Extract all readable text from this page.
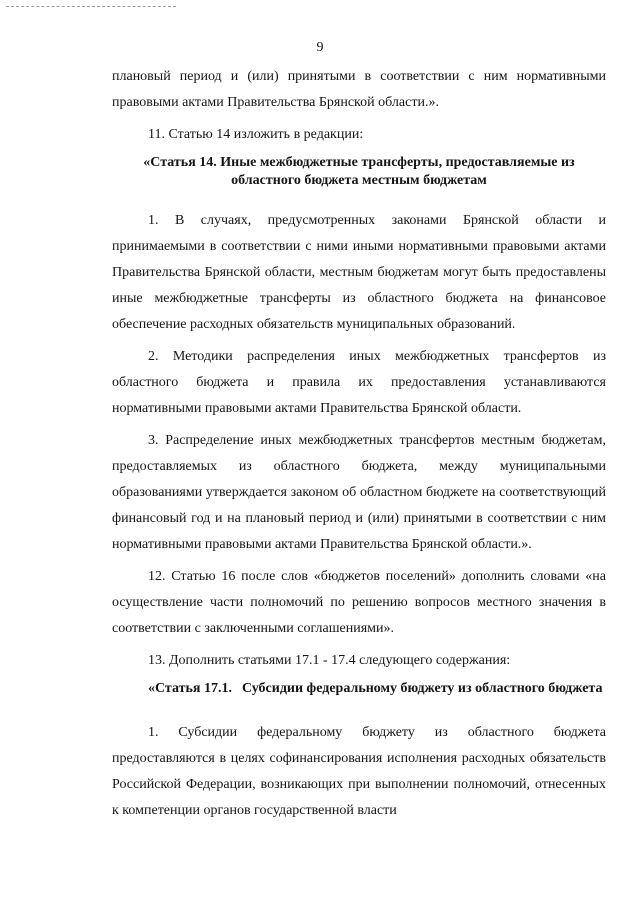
9

плановый период и (или) принятыми в соответствии с ним нормативными правовыми актами Правительства Брянской области.».

11. Статью 14 изложить в редакции:

«Статья 14. Иные межбюджетные трансферты, предоставляемые из областного бюджета местным бюджетам

1. В случаях, предусмотренных законами Брянской области и принимаемыми в соответствии с ними иными нормативными правовыми актами Правительства Брянской области, местным бюджетам могут быть предоставлены иные межбюджетные трансферты из областного бюджета на финансовое обеспечение расходных обязательств муниципальных образований.

2. Методики распределения иных межбюджетных трансфертов из областного бюджета и правила их предоставления устанавливаются нормативными правовыми актами Правительства Брянской области.

3. Распределение иных межбюджетных трансфертов местным бюджетам, предоставляемых из областного бюджета, между муниципальными образованиями утверждается законом об областном бюджете на соответствующий финансовый год и на плановый период и (или) принятыми в соответствии с ним нормативными правовыми актами Правительства Брянской области.».

12. Статью 16 после слов «бюджетов поселений» дополнить словами «на осуществление части полномочий по решению вопросов местного значения в соответствии с заключенными соглашениями».

13. Дополнить статьями 17.1 - 17.4 следующего содержания:

«Статья 17.1. Субсидии федеральному бюджету из областного бюджета

1. Субсидии федеральному бюджету из областного бюджета предоставляются в целях софинансирования исполнения расходных обязательств Российской Федерации, возникающих при выполнении полномочий, отнесенных к компетенции органов государственной власти
